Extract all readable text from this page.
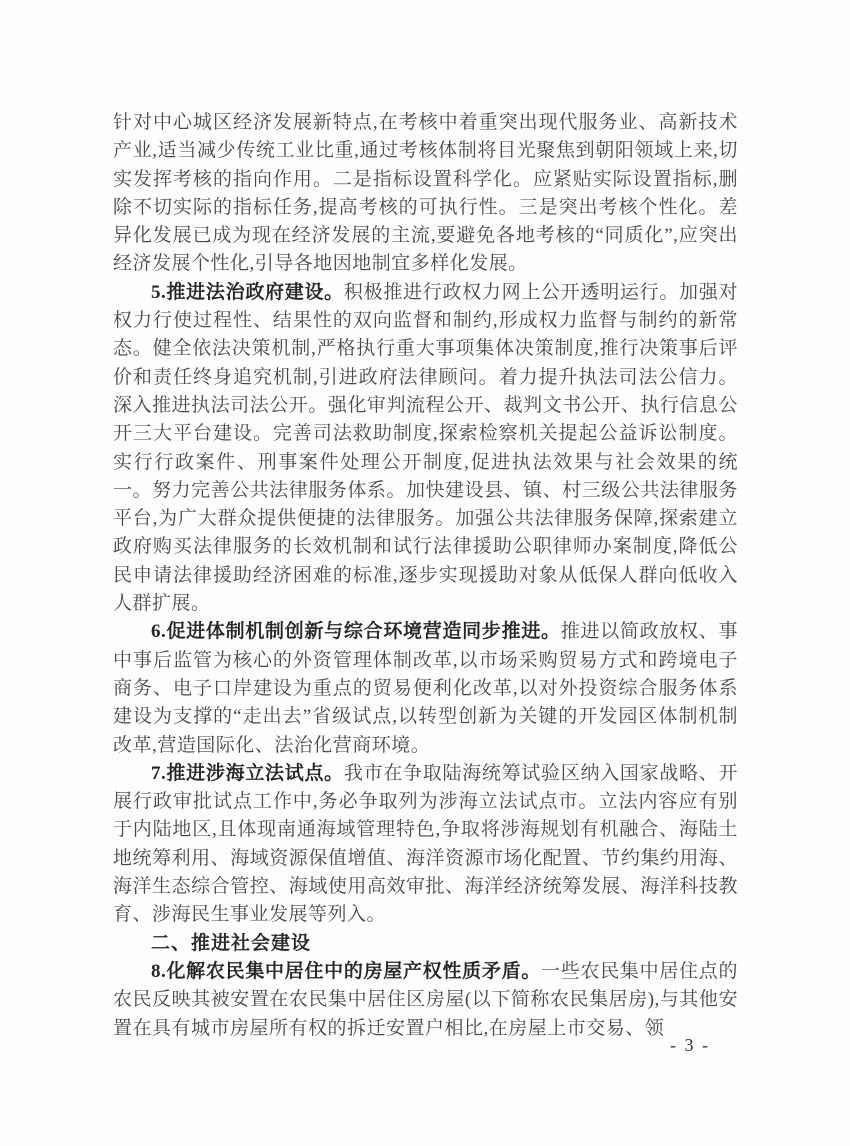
针对中心城区经济发展新特点,在考核中着重突出现代服务业、高新技术产业,适当减少传统工业比重,通过考核体制将目光聚焦到朝阳领域上来,切实发挥考核的指向作用。二是指标设置科学化。应紧贴实际设置指标,删除不切实际的指标任务,提高考核的可执行性。三是突出考核个性化。差异化发展已成为现在经济发展的主流,要避免各地考核的“同质化”,应突出经济发展个性化,引导各地因地制宜多样化发展。

5.推进法治政府建设。积极推进行政权力网上公开透明运行。加强对权力行使过程性、结果性的双向监督和制约,形成权力监督与制约的新常态。健全依法决策机制,严格执行重大事项集体决策制度,推行决策事后评价和责任终身追究机制,引进政府法律顾问。着力提升执法司法公信力。深入推进执法司法公开。强化审判流程公开、裁判文书公开、执行信息公开三大平台建设。完善司法救助制度,探索检察机关提起公益诉讼制度。实行行政案件、刑事案件处理公开制度,促进执法效果与社会效果的统一。努力完善公共法律服务体系。加快建设县、镇、村三级公共法律服务平台,为广大群众提供便捷的法律服务。加强公共法律服务保障,探索建立政府购买法律服务的长效机制和试行法律援助公职律师办案制度,降低公民申请法律援助经济困难的标准,逐步实现援助对象从低保人群向低收入人群扩展。

6.促进体制机制创新与综合环境营造同步推进。推进以简政放权、事中事后监管为核心的外资管理体制改革,以市场采购贸易方式和跨境电子商务、电子口岸建设为重点的贸易便利化改革,以对外投资综合服务体系建设为支撑的“走出去”省级试点,以转型创新为关键的开发园区体制机制改革,营造国际化、法治化营商环境。

7.推进涉海立法试点。我市在争取陆海统筹试验区纳入国家战略、开展行政审批试点工作中,务必争取列为涉海立法试点市。立法内容应有别于内陆地区,且体现南通海域管理特色,争取将涉海规划有机融合、海陆土地统筹利用、海域资源保值增值、海洋资源市场化配置、节约集约用海、海洋生态综合管控、海域使用高效审批、海洋经济统筹发展、海洋科技教育、涉海民生事业发展等列入。

二、推进社会建设

8.化解农民集中居住中的房屋产权性质矛盾。一些农民集中居住点的农民反映其被安置在农民集中居住区房屋(以下简称农民集居房),与其他安置在具有城市房屋所有权的拆迁安置户相比,在房屋上市交易、领

- 3 -
